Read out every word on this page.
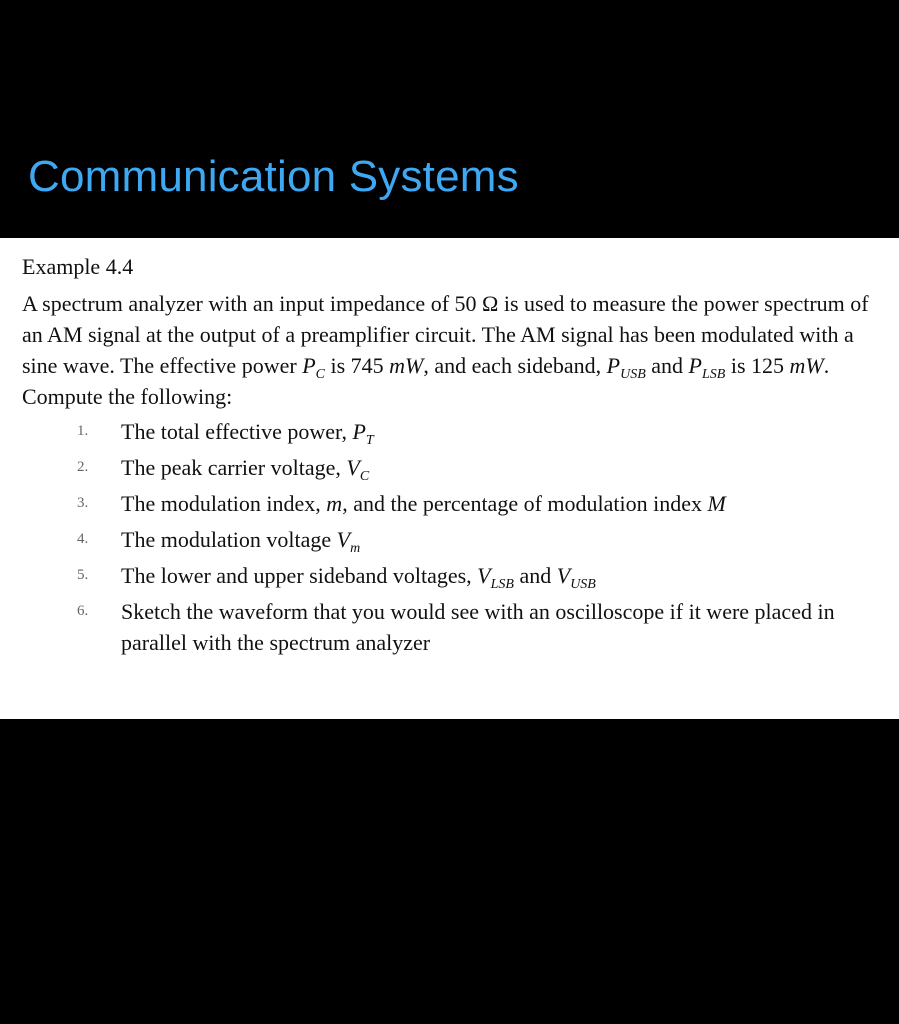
Communication Systems
Example 4.4

A spectrum analyzer with an input impedance of 50 Ω is used to measure the power spectrum of an AM signal at the output of a preamplifier circuit. The AM signal has been modulated with a sine wave. The effective power $P_C$ is 745 mW, and each sideband, $P_{USB}$ and $P_{LSB}$ is 125 mW. Compute the following:

1. The total effective power, $P_T$
2. The peak carrier voltage, $V_C$
3. The modulation index, m, and the percentage of modulation index M
4. The modulation voltage $V_m$
5. The lower and upper sideband voltages, $V_{LSB}$ and $V_{USB}$
6. Sketch the waveform that you would see with an oscilloscope if it were placed in parallel with the spectrum analyzer
